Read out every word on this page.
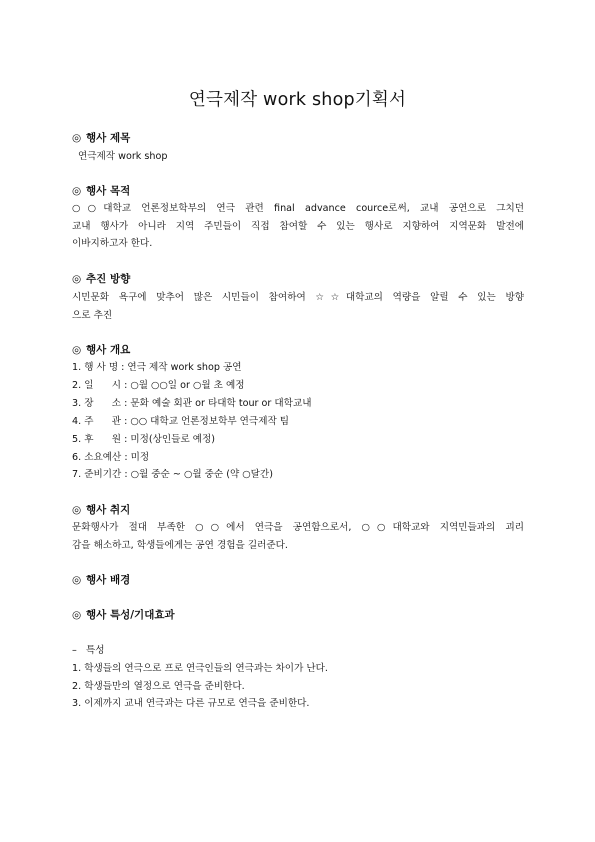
연극제작 work shop기획서
◎ 행사 제목
연극제작 work shop
◎ 행사 목적
○○대학교 언론정보학부의 연극 관련 final advance cource로써, 교내 공연으로 그치던
교내 행사가 아니라 지역 주민들이 직접 참여할 수 있는 행사로 지향하여 지역문화 발전에
이바지하고자 한다.
◎ 추진 방향
시민문화 욕구에 맞추어 많은 시민들이 참여하여 ☆☆대학교의 역량을 알릴 수 있는 방향
으로 추진
◎ 행사 개요
1. 행 사 명 : 연극 제작 work shop 공연
2. 일      시 : ○월 ○○일 or ○월 초 예정
3. 장      소 : 문화 예술 회관 or 타대학 tour or 대학교내
4. 주      관 : ○○ 대학교 언론정보학부 연극제작 팀
5. 후      원 : 미정(상인들로 예정)
6. 소요예산 : 미정
7. 준비기간 : ○월 중순 ~ ○월 중순 (약 ○달간)
◎ 행사 취지
문화행사가 절대 부족한 ○○에서 연극을 공연함으로서, ○○대학교와 지역민들과의 괴리
감을 해소하고, 학생들에게는 공연 경험을 길러준다.
◎ 행사 배경
◎ 행사 특성/기대효과
–   특성
1. 학생들의 연극으로 프로 연극인들의 연극과는 차이가 난다.
2. 학생들만의 열정으로 연극을 준비한다.
3. 이제까지 교내 연극과는 다른 규모로 연극을 준비한다.
